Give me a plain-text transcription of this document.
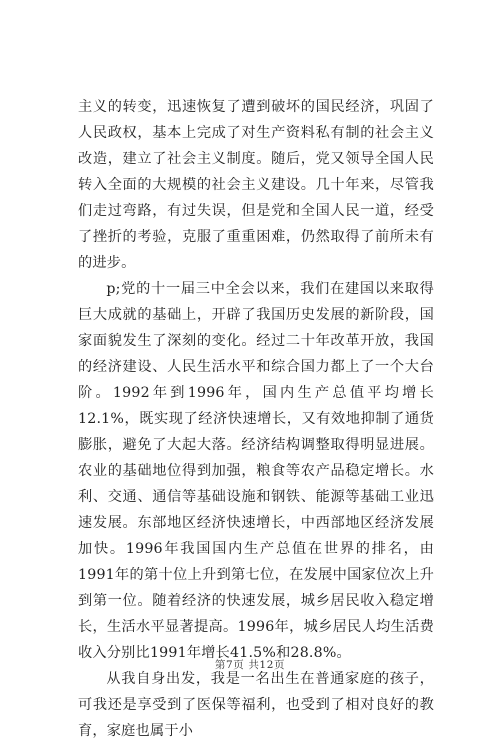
主义的转变，迅速恢复了遭到破坏的国民经济，巩固了人民政权，基本上完成了对生产资料私有制的社会主义改造，建立了社会主义制度。随后，党又领导全国人民转入全面的大规模的社会主义建设。几十年来，尽管我们走过弯路，有过失误，但是党和全国人民一道，经受了挫折的考验，克服了重重困难，仍然取得了前所未有的进步。

p;党的十一届三中全会以来，我们在建国以来取得巨大成就的基础上，开辟了我国历史发展的新阶段，国家面貌发生了深刻的变化。经过二十年改革开放，我国的经济建设、人民生活水平和综合国力都上了一个大台阶。1992年到1996年，国内生产总值平均增长12.1%，既实现了经济快速增长，又有效地抑制了通货膨胀，避免了大起大落。经济结构调整取得明显进展。农业的基础地位得到加强，粮食等农产品稳定增长。水利、交通、通信等基础设施和钢铁、能源等基础工业迅速发展。东部地区经济快速增长，中西部地区经济发展加快。1996年我国国内生产总值在世界的排名，由1991年的第十位上升到第七位，在发展中国家位次上升到第一位。随着经济的快速发展，城乡居民收入稳定增长，生活水平显著提高。1996年，城乡居民人均生活费收入分别比1991年增长41.5%和28.8%。

从我自身出发，我是一名出生在普通家庭的孩子，可我还是享受到了医保等福利，也受到了相对良好的教育，家庭也属于小

第7页 共12页
